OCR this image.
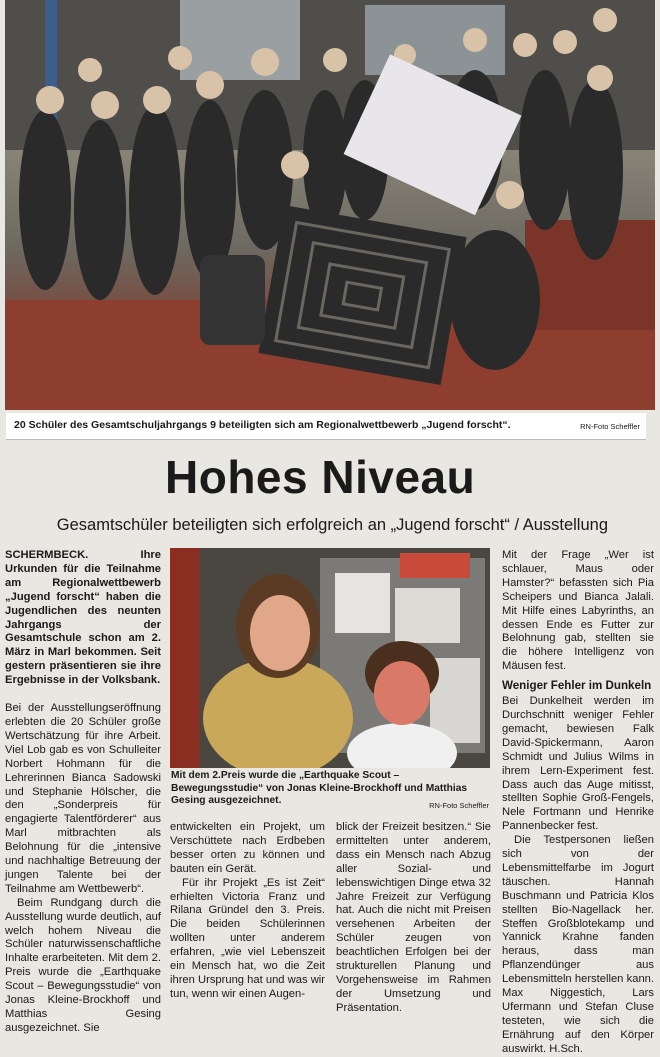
20 Schüler des Gesamtschuljahrgangs 9 beteiligten sich am Regionalwettbewerb „Jugend forscht“.	RN-Foto Scheffler
Hohes Niveau
Gesamtschüler beteiligten sich erfolgreich an „Jugend forscht“ / Ausstellung

SCHERMBECK. Ihre Urkunden für die Teilnahme am Regionalwettbewerb „Jugend forscht“ haben die Jugendlichen des neunten Jahrgangs der Gesamtschule schon am 2. März in Marl bekommen. Seit gestern präsentieren sie ihre Ergebnisse in der Volksbank.

Bei der Ausstellungseröffnung erlebten die 20 Schüler große Wertschätzung für ihre Arbeit. Viel Lob gab es von Schulleiter Norbert Hohmann für die Lehrerinnen Bianca Sadowski und Stephanie Hölscher, die den „Sonderpreis für engagierte Talentförderer“ aus Marl mitbrachten als Belohnung für die „intensive und nachhaltige Betreuung der jungen Talente bei der Teilnahme am Wettbewerb“.

Beim Rundgang durch die Ausstellung wurde deutlich, auf welch hohem Niveau die Schüler naturwissenschaftliche Inhalte erarbeiteten. Mit dem 2. Preis wurde die „Earthquake Scout – Bewegungsstudie“ von Jonas Kleine-Brockhoff und Matthias Gesing ausgezeichnet. Sie

Mit dem 2.Preis wurde die „Earthquake Scout – Bewegungsstudie“ von Jonas Kleine-Brockhoff und Matthias Gesing ausgezeichnet.	RN-Foto Scheffler

entwickelten ein Projekt, um Verschüttete nach Erdbeben besser orten zu können und bauten ein Gerät.

Für ihr Projekt „Es ist Zeit“ erhielten Victoria Franz und Rilana Gründel den 3. Preis. Die beiden Schülerinnen wollten unter anderem erfahren, „wie viel Lebenszeit ein Mensch hat, wo die Zeit ihren Ursprung hat und was wir tun, wenn wir einen Augen-

blick der Freizeit besitzen.“ Sie ermittelten unter anderem, dass ein Mensch nach Abzug aller Sozial- und lebenswichtigen Dinge etwa 32 Jahre Freizeit zur Verfügung hat. Auch die nicht mit Preisen versehenen Arbeiten der Schüler zeugen von beachtlichen Erfolgen bei der strukturellen Planung und Vorgehensweise im Rahmen der Umsetzung und Präsentation.

Mit der Frage „Wer ist schlauer, Maus oder Hamster?“ befassten sich Pia Scheipers und Bianca Jalali. Mit Hilfe eines Labyrinths, an dessen Ende es Futter zur Belohnung gab, stellten sie die höhere Intelligenz von Mäusen fest.

Weniger Fehler im Dunkeln

Bei Dunkelheit werden im Durchschnitt weniger Fehler gemacht, bewiesen Falk David-Spickermann, Aaron Schmidt und Julius Wilms in ihrem Lern-Experiment fest. Dass auch das Auge mitisst, stellten Sophie Groß-Fengels, Nele Fortmann und Henrike Pannenbecker fest.

Die Testpersonen ließen sich von der Lebensmittelfarbe im Jogurt täuschen. Hannah Buschmann und Patricia Klos stellten Bio-Nagellack her. Steffen Großblotekamp und Yannick Krahne fanden heraus, dass man Pflanzendünger aus Lebensmitteln herstellen kann. Max Niggestich, Lars Ufermann und Stefan Cluse testeten, wie sich die Ernährung auf den Körper auswirkt. H.Sch.
